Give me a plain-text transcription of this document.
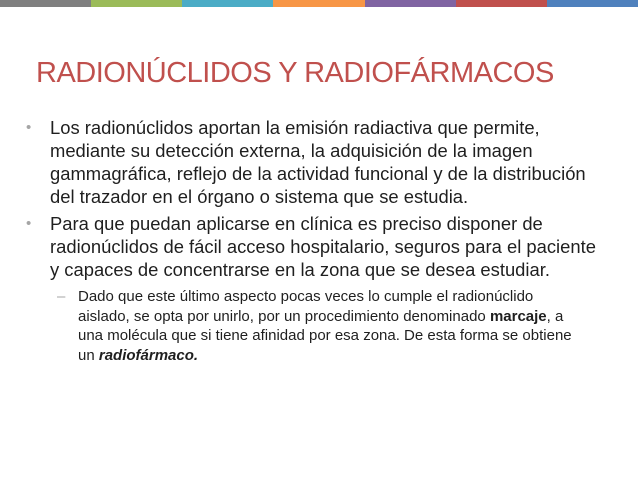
RADIONÚCLIDOS Y RADIOFÁRMACOS
• Los radionúclidos aportan la emisión radiactiva que permite, mediante su detección externa, la adquisición de la imagen gammagráfica, reflejo de la actividad funcional y de la distribución del trazador en el órgano o sistema que se estudia.
• Para que puedan aplicarse en clínica es preciso disponer de radionúclidos de fácil acceso hospitalario, seguros para el paciente y capaces de concentrarse en la zona que se desea estudiar.
– Dado que este último aspecto pocas veces lo cumple el radionúclido aislado, se opta por unirlo, por un procedimiento denominado marcaje, a una molécula que si tiene afinidad por esa zona. De esta forma se obtiene un radiofármaco.
